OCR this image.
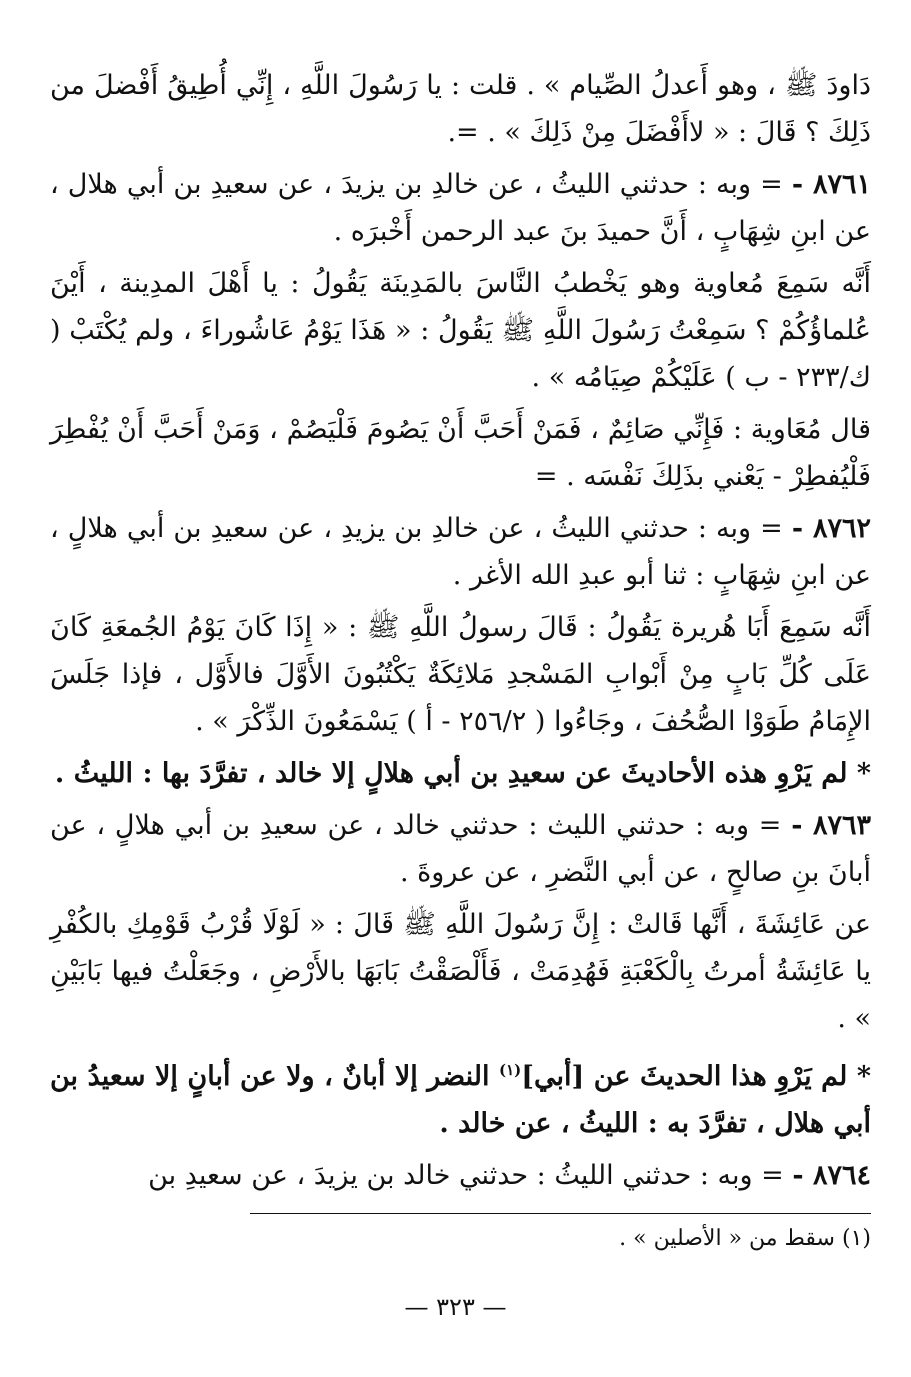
دَاودَ ﷺ ، وهو أَعدلُ الصِّيام » . قلت : يا رَسُولَ اللَّهِ ، إِنِّي أُطِيقُ أَفْضلَ من ذَلِكَ ؟ قَالَ : « لاأَفْضَلَ مِنْ ذَلِكَ » . =.

٨٧٦١ - = وبه : حدثني الليثُ ، عن خالدِ بن يزيدَ ، عن سعيدِ بن أبي هلال ، عن ابنِ شِهَابٍ ، أَنَّ حميدَ بنَ عبد الرحمن أَخْبرَه .

أَنَّه سَمِعَ مُعاوية وهو يَخْطبُ النَّاسَ بالمَدِينَة يَقُولُ : يا أَهْلَ المدِينة ، أَيْنَ عُلماؤُكُمْ ؟ سَمِعْتُ رَسُولَ اللَّهِ ﷺ يَقُولُ : « هَذَا يَوْمُ عَاشُوراءَ ، ولم يُكْتَبْ ( ك/٢٣٣ - ب ) عَلَيْكُمْ صِيَامُه » .

قال مُعَاوية : فَإِنِّي صَائِمٌ ، فَمَنْ أَحَبَّ أَنْ يَصُومَ فَلْيَصُمْ ، وَمَنْ أَحَبَّ أَنْ يُفْطِرَ فَلْيُفطِرْ - يَعْني بذَلِكَ نَفْسَه . =

٨٧٦٢ - = وبه : حدثني الليثُ ، عن خالدِ بن يزيدِ ، عن سعيدِ بن أبي هلالٍ ، عن ابنِ شِهَابٍ : ثنا أبو عبدِ الله الأغر .

أَنَّه سَمِعَ أَبَا هُريرة يَقُولُ : قَالَ رسولُ اللَّهِ ﷺ : « إِذَا كَانَ يَوْمُ الجُمعَةِ كَانَ عَلَى كُلِّ بَابٍ مِنْ أَبْوابِ المَسْجدِ مَلائِكَةٌ يَكْتُبُونَ الأَوَّلَ فالأَوَّل ، فإذا جَلَسَ الإِمَامُ طَوَوْا الصُّحُفَ ، وجَاءُوا ( ٢٥٦/٢ - أ ) يَسْمَعُونَ الذِّكْرَ » .

* لم يَرْوِ هذه الأحاديثَ عن سعيدِ بن أبي هلالٍ إلا خالد ، تفرَّدَ بها : الليثُ .

٨٧٦٣ - = وبه : حدثني الليث : حدثني خالد ، عن سعيدِ بن أبي هلالٍ ، عن أبانَ بنِ صالحٍ ، عن أبي النَّضرِ ، عن عروةَ .

عن عَائِشَةَ ، أَنَّها قَالتْ : إِنَّ رَسُولَ اللَّهِ ﷺ قَالَ : « لَوْلَا قُرْبُ قَوْمِكِ بالكُفْرِ يا عَائِشَةُ أمرتُ بِالْكَعْبَةِ فَهُدِمَتْ ، فَأَلْصَقْتُ بَابَهَا بالأَرْضِ ، وجَعَلْتُ فيها بَابَيْنِ » .

* لم يَرْوِ هذا الحديثَ عن [أبي]$^{(١)}$ النضر إلا أبانٌ ، ولا عن أبانٍ إلا سعيدُ بن أبي هلال ، تفرَّدَ به : الليثُ ، عن خالد .

٨٧٦٤ - = وبه : حدثني الليثُ : حدثني خالد بن يزيدَ ، عن سعيدِ بن

(١) سقط من « الأصلين » .
— ٣٢٣ —
